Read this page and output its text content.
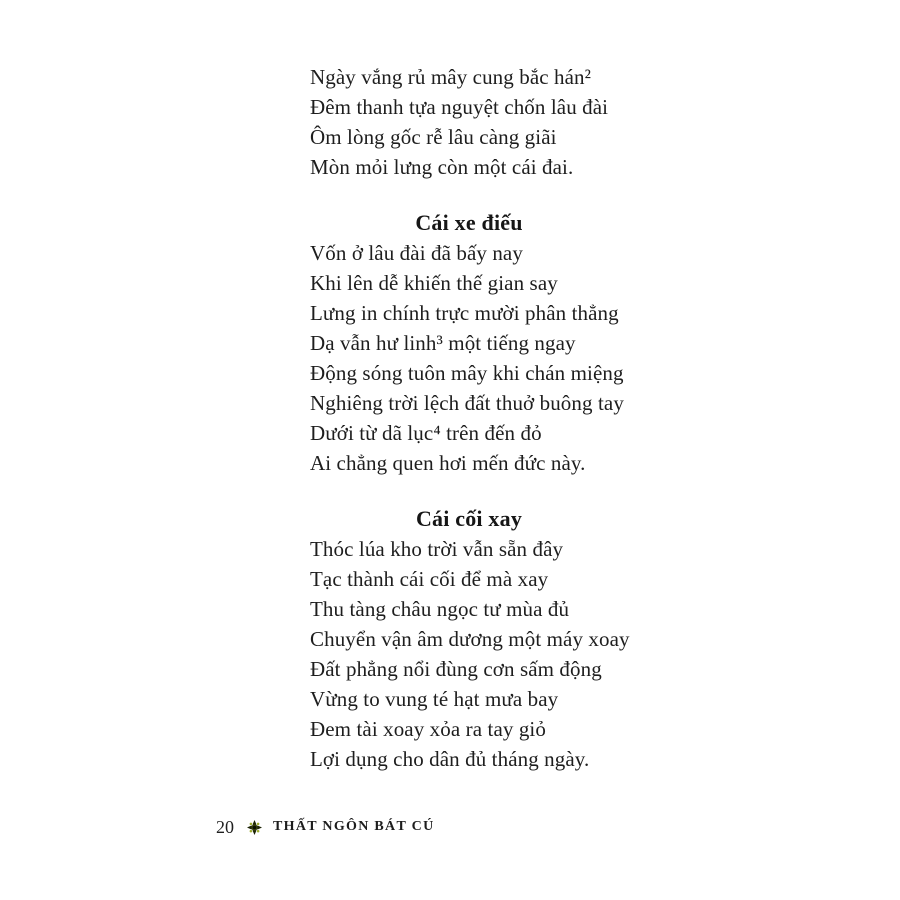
Ngày vắng rủ mây cung bắc hán²
Đêm thanh tựa nguyệt chốn lâu đài
Ôm lòng gốc rễ lâu càng giãi
Mòn mỏi lưng còn một cái đai.
Cái xe điếu
Vốn ở lâu đài đã bấy nay
Khi lên dễ khiến thế gian say
Lưng in chính trực mười phân thẳng
Dạ vẫn hư linh³ một tiếng ngay
Động sóng tuôn mây khi chán miệng
Nghiêng trời lệch đất thuở buông tay
Dưới từ dã lục⁴ trên đến đỏ
Ai chẳng quen hơi mến đức này.
Cái cối xay
Thóc lúa kho trời vẫn sẵn đây
Tạc thành cái cối để mà xay
Thu tàng châu ngọc tư mùa đủ
Chuyển vận âm dương một máy xoay
Đất phẳng nổi đùng cơn sấm động
Vừng to vung té hạt mưa bay
Đem tài xoay xỏa ra tay giỏ
Lợi dụng cho dân đủ tháng ngày.
20	THẤT NGÔN BÁT CÚ
